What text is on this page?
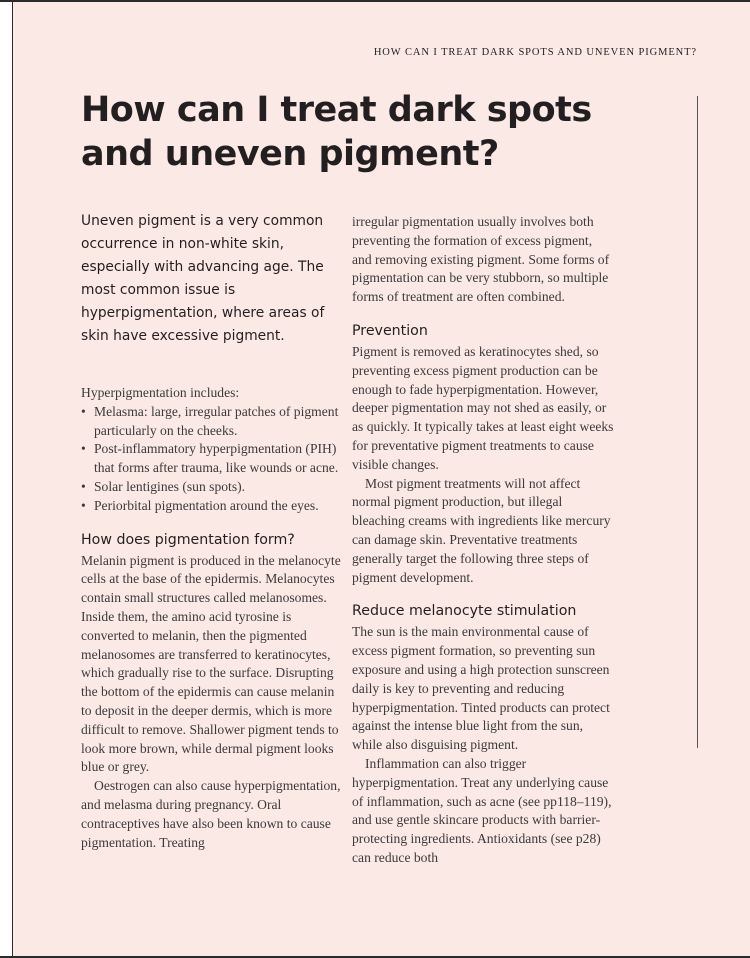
HOW CAN I TREAT DARK SPOTS AND UNEVEN PIGMENT?
How can I treat dark spots and uneven pigment?

Uneven pigment is a very common occurrence in non-white skin, especially with advancing age. The most common issue is hyperpigmentation, where areas of skin have excessive pigment.

Hyperpigmentation includes:

• Melasma: large, irregular patches of pigment particularly on the cheeks.
• Post-inflammatory hyperpigmentation (PIH) that forms after trauma, like wounds or acne.
• Solar lentigines (sun spots).
• Periorbital pigmentation around the eyes.
How does pigmentation form?

Melanin pigment is produced in the melanocyte cells at the base of the epidermis. Melanocytes contain small structures called melanosomes. Inside them, the amino acid tyrosine is converted to melanin, then the pigmented melanosomes are transferred to keratinocytes, which gradually rise to the surface. Disrupting the bottom of the epidermis can cause melanin to deposit in the deeper dermis, which is more difficult to remove. Shallower pigment tends to look more brown, while dermal pigment looks blue or grey.

Oestrogen can also cause hyperpigmentation, and melasma during pregnancy. Oral contraceptives have also been known to cause pigmentation. Treating

irregular pigmentation usually involves both preventing the formation of excess pigment, and removing existing pigment. Some forms of pigmentation can be very stubborn, so multiple forms of treatment are often combined.

Prevention

Pigment is removed as keratinocytes shed, so preventing excess pigment production can be enough to fade hyperpigmentation. However, deeper pigmentation may not shed as easily, or as quickly. It typically takes at least eight weeks for preventative pigment treatments to cause visible changes.

Most pigment treatments will not affect normal pigment production, but illegal bleaching creams with ingredients like mercury can damage skin. Preventative treatments generally target the following three steps of pigment development.

Reduce melanocyte stimulation

The sun is the main environmental cause of excess pigment formation, so preventing sun exposure and using a high protection sunscreen daily is key to preventing and reducing hyperpigmentation. Tinted products can protect against the intense blue light from the sun, while also disguising pigment.

Inflammation can also trigger hyperpigmentation. Treat any underlying cause of inflammation, such as acne (see pp118–119), and use gentle skincare products with barrier-protecting ingredients. Antioxidants (see p28) can reduce both
